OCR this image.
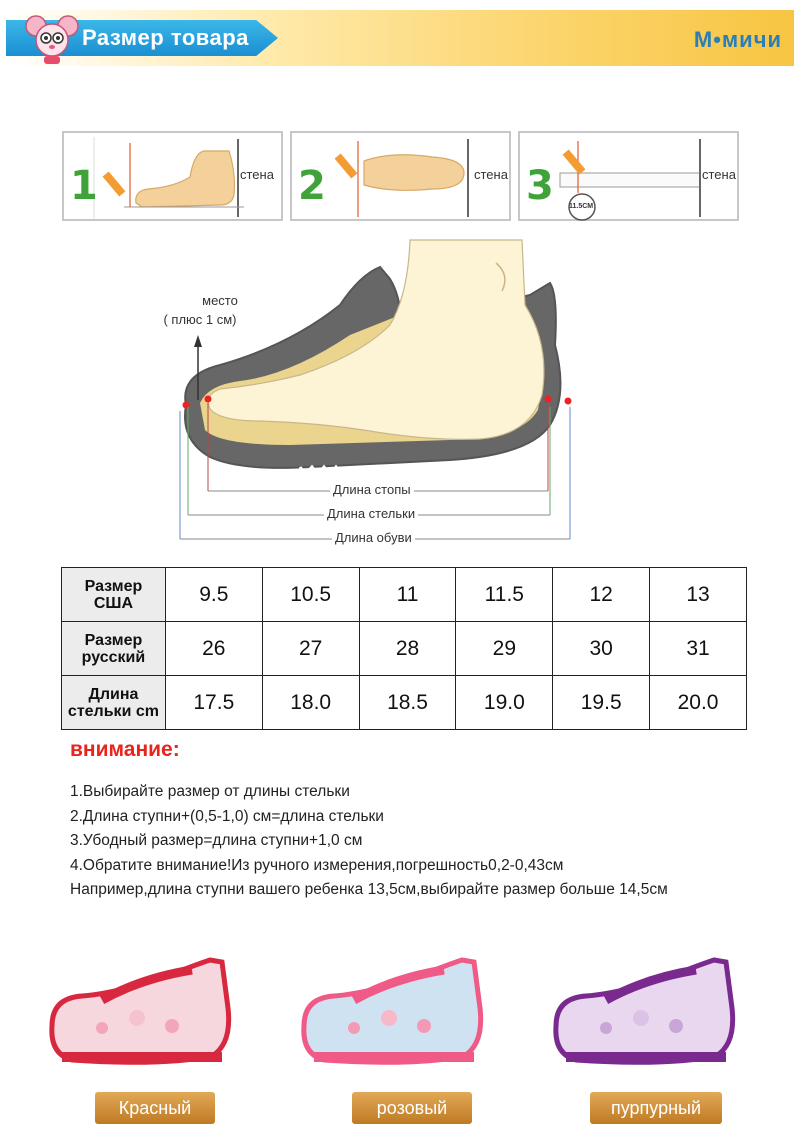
Размер товара	M•мичи
1	стена 2	стена 3	стена
11.5CM
место
( плюс 1 см)
Длина стопы
Длина стельки
Длина обуви
Размер
США	9.5	10.5	11	11.5	12	13
Размер
русский	26	27	28	29	30	31
Длина
стельки cm	17.5	18.0	18.5	19.0	19.5	20.0
внимание:
1.Выбирайте размер от длины стельки
2.Длина ступни+(0,5-1,0) см=длина стельки
3.Убодный размер=длина ступни+1,0 см
4.Обратите внимание!Из ручного измерения,погрешность0,2-0,43см
Например,длина ступни вашего ребенка 13,5см,выбирайте размер больше 14,5см
Красный	розовый	пурпурный
